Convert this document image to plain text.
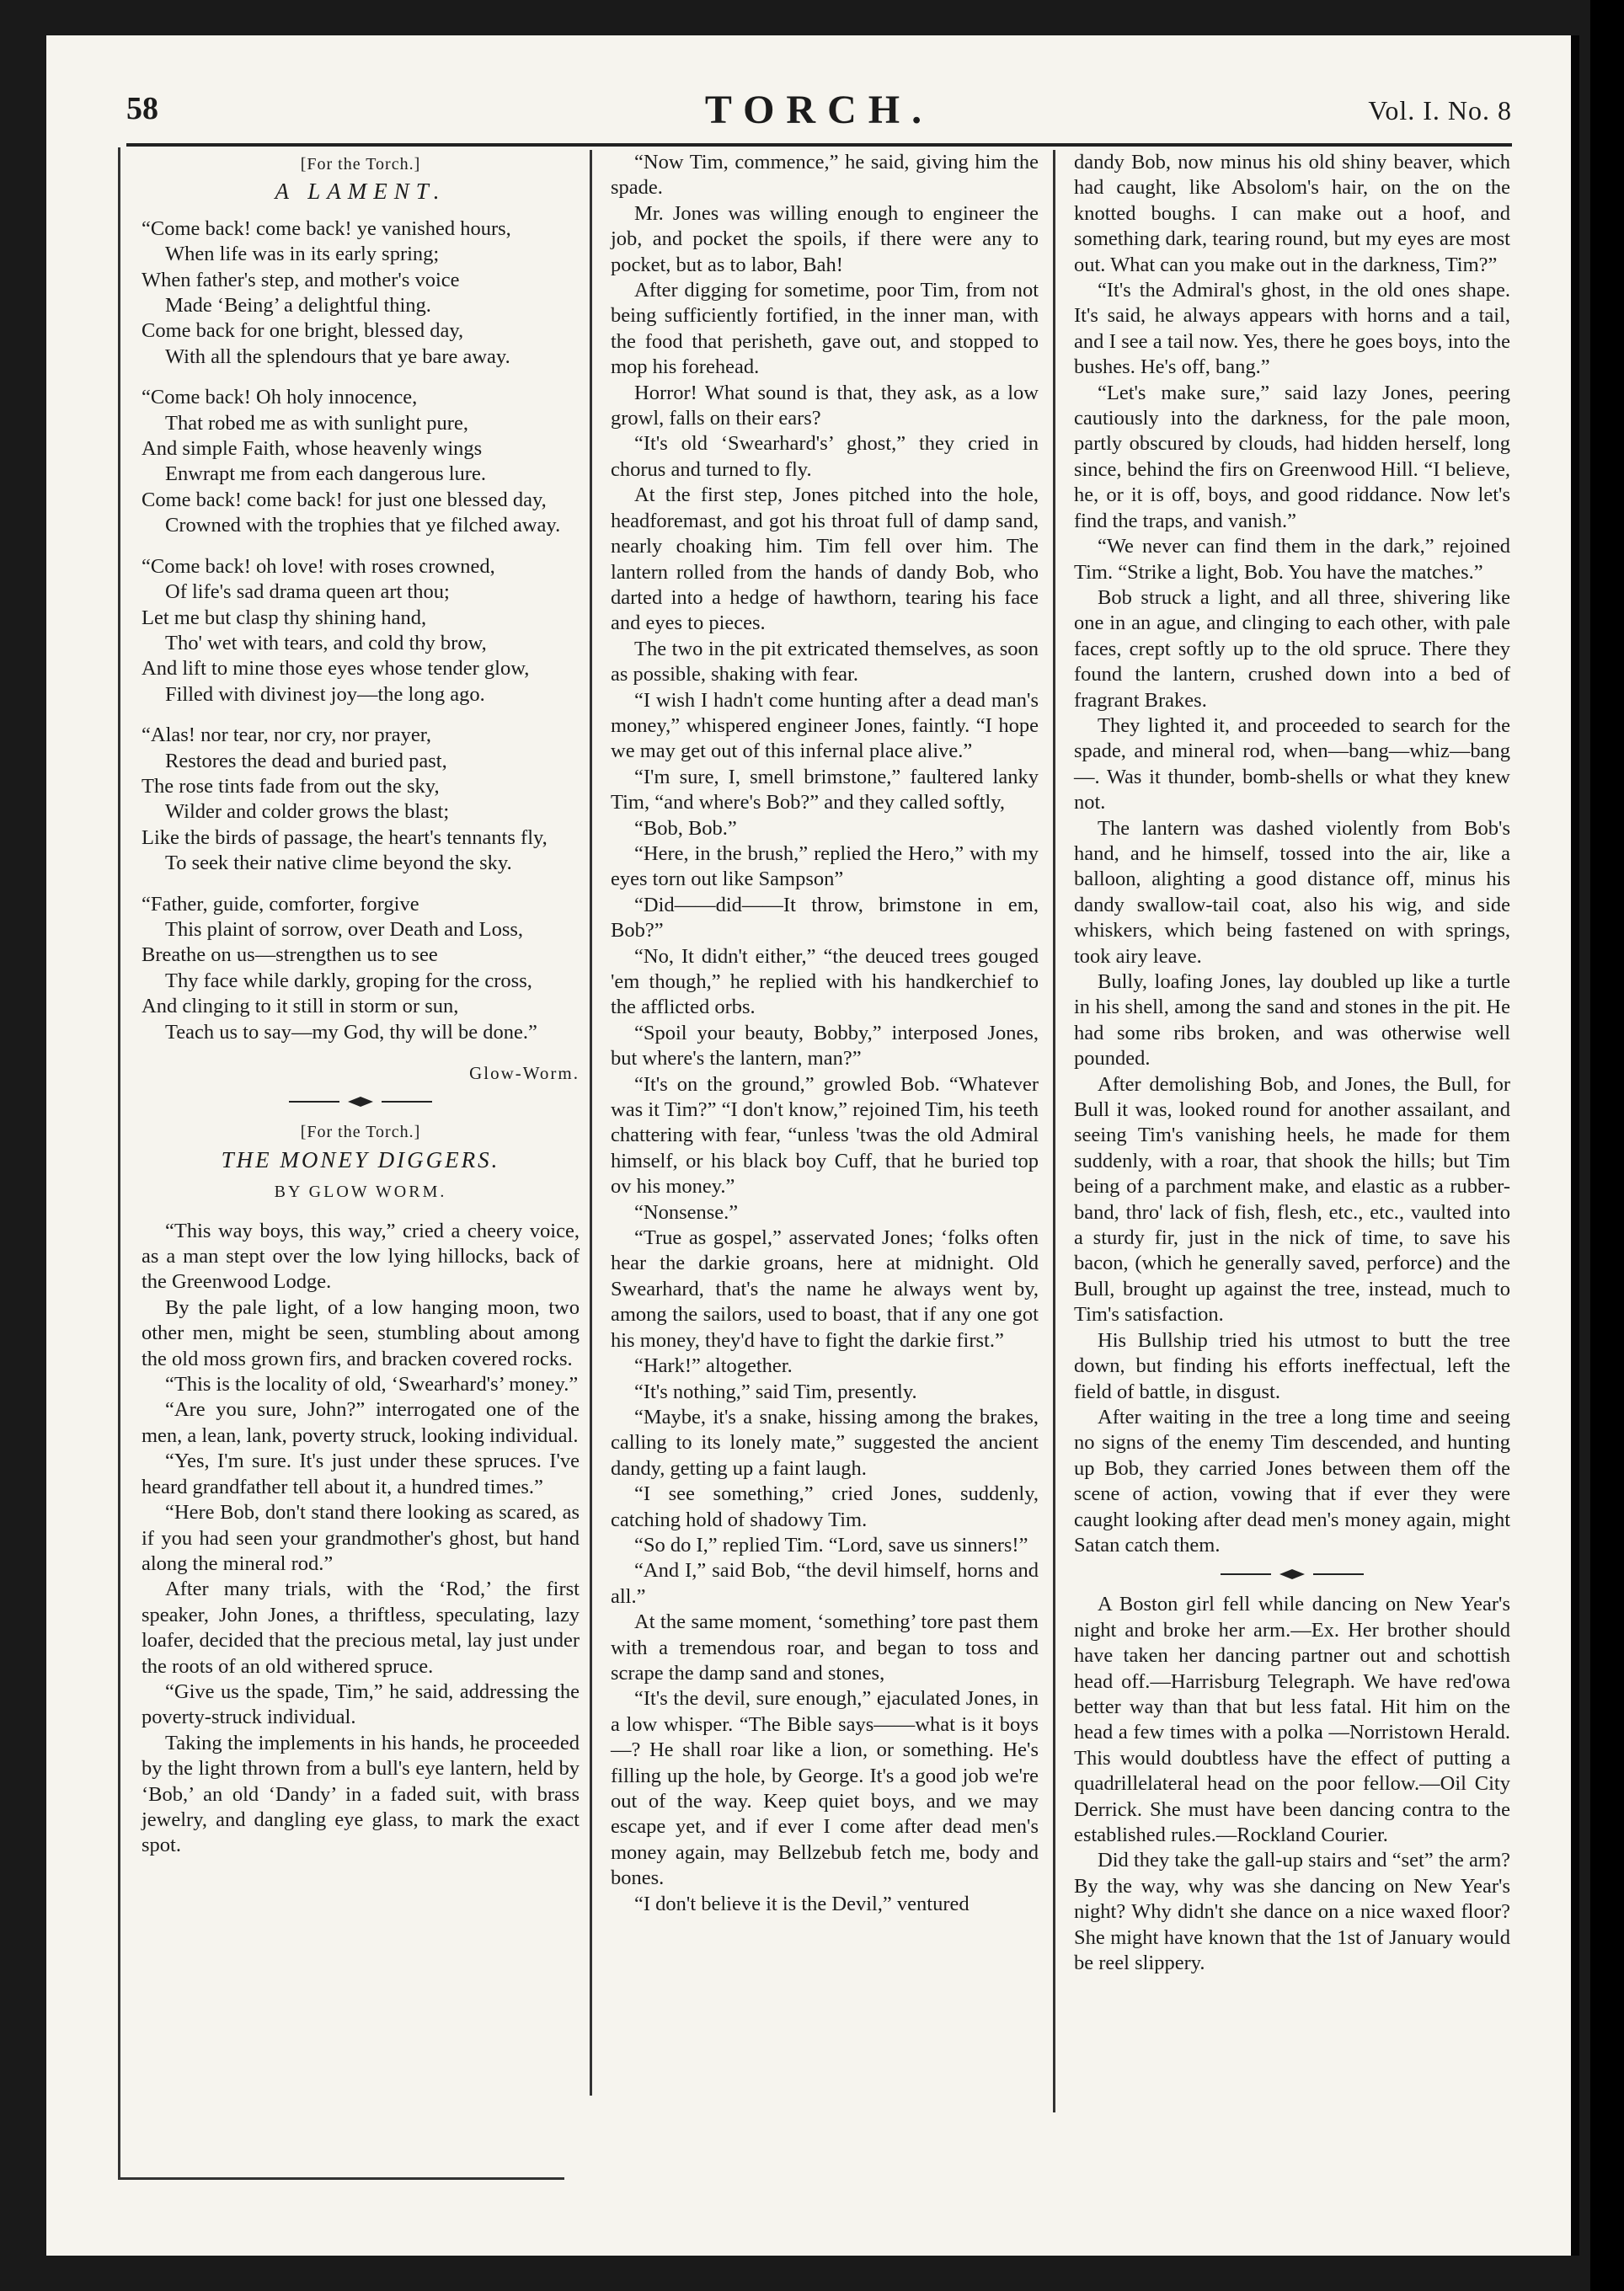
58	TORCH.	Vol. I. No. 8
[For the Torch.]
A LAMENT.
“Come back! come back! ye vanished hours,
When life was in its early spring;
When father's step, and mother's voice
Made ‘Being’ a delightful thing.
Come back for one bright, blessed day,
With all the splendours that ye bare away.
“Come back! Oh holy innocence,
That robed me as with sunlight pure,
And simple Faith, whose heavenly wings
Enwrapt me from each dangerous lure.
Come back! come back! for just one blessed day,
Crowned with the trophies that ye filched away.
“Come back! oh love! with roses crowned,
Of life's sad drama queen art thou;
Let me but clasp thy shining hand,
Tho' wet with tears, and cold thy brow,
And lift to mine those eyes whose tender glow,
Filled with divinest joy—the long ago.
“Alas! nor tear, nor cry, nor prayer,
Restores the dead and buried past,
The rose tints fade from out the sky,
Wilder and colder grows the blast;
Like the birds of passage, the heart's tennants fly,
To seek their native clime beyond the sky.
“Father, guide, comforter, forgive
This plaint of sorrow, over Death and Loss,
Breathe on us—strengthen us to see
Thy face while darkly, groping for the cross,
And clinging to it still in storm or sun,
Teach us to say—my God, thy will be done.”
Glow-Worm.
[For the Torch.]
THE MONEY DIGGERS.
BY GLOW WORM.

“This way boys, this way,” cried a cheery voice, as a man stept over the low lying hillocks, back of the Greenwood Lodge.

By the pale light, of a low hanging moon, two other men, might be seen, stumbling about among the old moss grown firs, and bracken covered rocks.

“This is the locality of old, ‘Swearhard's’ money.”

“Are you sure, John?” interrogated one of the men, a lean, lank, poverty struck, looking individual.

“Yes, I'm sure. It's just under these spruces. I've heard grandfather tell about it, a hundred times.”

“Here Bob, don't stand there looking as scared, as if you had seen your grandmother's ghost, but hand along the mineral rod.”

After many trials, with the ‘Rod,’ the first speaker, John Jones, a thriftless, speculating, lazy loafer, decided that the precious metal, lay just under the roots of an old withered spruce.

“Give us the spade, Tim,” he said, addressing the poverty-struck individual.

Taking the implements in his hands, he proceeded by the light thrown from a bull's eye lantern, held by ‘Bob,’ an old ‘Dandy’ in a faded suit, with brass jewelry, and dangling eye glass, to mark the exact spot.

“Now Tim, commence,” he said, giving him the spade.

Mr. Jones was willing enough to engineer the job, and pocket the spoils, if there were any to pocket, but as to labor, Bah!

After digging for sometime, poor Tim, from not being sufficiently fortified, in the inner man, with the food that perisheth, gave out, and stopped to mop his forehead.

Horror! What sound is that, they ask, as a low growl, falls on their ears?

“It's old ‘Swearhard's’ ghost,” they cried in chorus and turned to fly.

At the first step, Jones pitched into the hole, headforemast, and got his throat full of damp sand, nearly choaking him. Tim fell over him. The lantern rolled from the hands of dandy Bob, who darted into a hedge of hawthorn, tearing his face and eyes to pieces.

The two in the pit extricated themselves, as soon as possible, shaking with fear.

“I wish I hadn't come hunting after a dead man's money,” whispered engineer Jones, faintly. “I hope we may get out of this infernal place alive.”

“I'm sure, I, smell brimstone,” faultered lanky Tim, “and where's Bob?” and they called softly,

“Bob, Bob.”

“Here, in the brush,” replied the Hero,” with my eyes torn out like Sampson”

“Did——did——It throw, brimstone in em, Bob?”

“No, It didn't either,” “the deuced trees gouged 'em though,” he replied with his handkerchief to the afflicted orbs.

“Spoil your beauty, Bobby,” interposed Jones, but where's the lantern, man?”

“It's on the ground,” growled Bob. “Whatever was it Tim?” “I don't know,” rejoined Tim, his teeth chattering with fear, “unless 'twas the old Admiral himself, or his black boy Cuff, that he buried top ov his money.”

“Nonsense.”

“True as gospel,” asservated Jones; ‘folks often hear the darkie groans, here at midnight. Old Swearhard, that's the name he always went by, among the sailors, used to boast, that if any one got his money, they'd have to fight the darkie first.”

“Hark!” altogether.

“It's nothing,” said Tim, presently.

“Maybe, it's a snake, hissing among the brakes, calling to its lonely mate,” suggested the ancient dandy, getting up a faint laugh.

“I see something,” cried Jones, suddenly, catching hold of shadowy Tim.

“So do I,” replied Tim. “Lord, save us sinners!”

“And I,” said Bob, “the devil himself, horns and all.”

At the same moment, ‘something’ tore past them with a tremendous roar, and began to toss and scrape the damp sand and stones,

“It's the devil, sure enough,” ejaculated Jones, in a low whisper. “The Bible says——what is it boys—? He shall roar like a lion, or something. He's filling up the hole, by George. It's a good job we're out of the way. Keep quiet boys, and we may escape yet, and if ever I come after dead men's money again, may Bellzebub fetch me, body and bones.

“I don't believe it is the Devil,” ventured

dandy Bob, now minus his old shiny beaver, which had caught, like Absolom's hair, on the on the knotted boughs. I can make out a hoof, and something dark, tearing round, but my eyes are most out. What can you make out in the darkness, Tim?”

“It's the Admiral's ghost, in the old ones shape. It's said, he always appears with horns and a tail, and I see a tail now. Yes, there he goes boys, into the bushes. He's off, bang.”

“Let's make sure,” said lazy Jones, peering cautiously into the darkness, for the pale moon, partly obscured by clouds, had hidden herself, long since, behind the firs on Greenwood Hill. “I believe, he, or it is off, boys, and good riddance. Now let's find the traps, and vanish.”

“We never can find them in the dark,” rejoined Tim. “Strike a light, Bob. You have the matches.”

Bob struck a light, and all three, shivering like one in an ague, and clinging to each other, with pale faces, crept softly up to the old spruce. There they found the lantern, crushed down into a bed of fragrant Brakes.

They lighted it, and proceeded to search for the spade, and mineral rod, when—bang—whiz—bang—. Was it thunder, bomb-shells or what they knew not.

The lantern was dashed violently from Bob's hand, and he himself, tossed into the air, like a balloon, alighting a good distance off, minus his dandy swallow-tail coat, also his wig, and side whiskers, which being fastened on with springs, took airy leave.

Bully, loafing Jones, lay doubled up like a turtle in his shell, among the sand and stones in the pit. He had some ribs broken, and was otherwise well pounded.

After demolishing Bob, and Jones, the Bull, for Bull it was, looked round for another assailant, and seeing Tim's vanishing heels, he made for them suddenly, with a roar, that shook the hills; but Tim being of a parchment make, and elastic as a rubber-band, thro' lack of fish, flesh, etc., etc., vaulted into a sturdy fir, just in the nick of time, to save his bacon, (which he generally saved, perforce) and the Bull, brought up against the tree, instead, much to Tim's satisfaction.

His Bullship tried his utmost to butt the tree down, but finding his efforts ineffectual, left the field of battle, in disgust.

After waiting in the tree a long time and seeing no signs of the enemy Tim descended, and hunting up Bob, they carried Jones between them off the scene of action, vowing that if ever they were caught looking after dead men's money again, might Satan catch them.

A Boston girl fell while dancing on New Year's night and broke her arm.—Ex. Her brother should have taken her dancing partner out and schottish head off.—Harrisburg Telegraph. We have red'owa better way than that but less fatal. Hit him on the head a few times with a polka —Norristown Herald. This would doubtless have the effect of putting a quadrillelateral head on the poor fellow.—Oil City Derrick. She must have been dancing contra to the established rules.—Rockland Courier.

Did they take the gall-up stairs and “set” the arm? By the way, why was she dancing on New Year's night? Why didn't she dance on a nice waxed floor? She might have known that the 1st of January would be reel slippery.
